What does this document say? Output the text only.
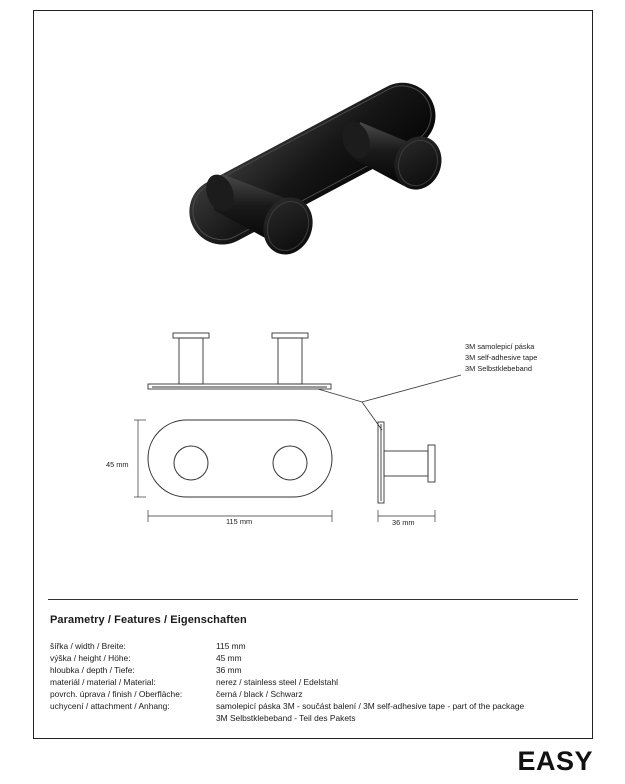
3M samolepicí páska
3M self-adhesive tape
3M Selbstklebeband
45 mm
115 mm	36 mm
Parametry / Features / Eigenschaften
šířka / width / Breite:	115 mm
výška / height / Höhe:	45 mm
hloubka / depth / Tiefe:	36 mm
materiál / material / Material:	nerez / stainless steel / Edelstahl
povrch. úprava / finish / Oberfläche:	černá / black / Schwarz
uchycení / attachment / Anhang:	samolepicí páska 3M - součást balení / 3M self-adhesive tape - part of the package
3M Selbstklebeband - Teil des Pakets
EASY
